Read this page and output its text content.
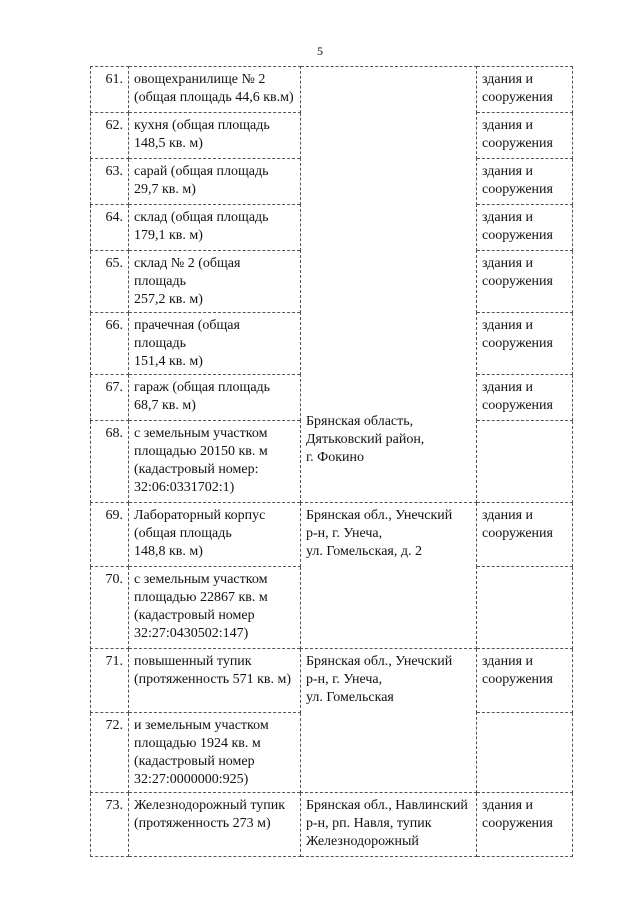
5
61.	овощехранилище № 2
(общая площадь 44,6 кв.м)	Брянская область,
Дятьковский район,
г. Фокино	здания и
сооружения
62.	кухня (общая площадь
148,5 кв. м)		здания и
сооружения
63.	сарай (общая площадь
29,7 кв. м)		здания и
сооружения
64.	склад (общая площадь
179,1 кв. м)		здания и
сооружения
65.	склад № 2 (общая площадь
257,2 кв. м)		здания и
сооружения
66.	прачечная (общая площадь
151,4 кв. м)		здания и
сооружения
67.	гараж (общая площадь
68,7 кв. м)		здания и
сооружения
68.	с земельным участком
площадью 20150 кв. м
(кадастровый номер:
32:06:0331702:1)		
69.	Лабораторный корпус
(общая площадь
148,8 кв. м)	Брянская обл., Унечский
р-н, г. Унеча,
ул. Гомельская, д. 2	здания и
сооружения
70.	с земельным участком
площадью 22867 кв. м
(кадастровый номер
32:27:0430502:147)		
71.	повышенный тупик
(протяженность 571 кв. м)	Брянская обл., Унечский
р-н, г. Унеча,
ул. Гомельская	здания и
сооружения
72.	и земельным участком
площадью 1924 кв. м
(кадастровый номер
32:27:0000000:925)		
73.	Железнодорожный тупик
(протяженность 273 м)	Брянская обл., Навлинский
р-н, рп. Навля, тупик
Железнодорожный	здания и
сооружения
